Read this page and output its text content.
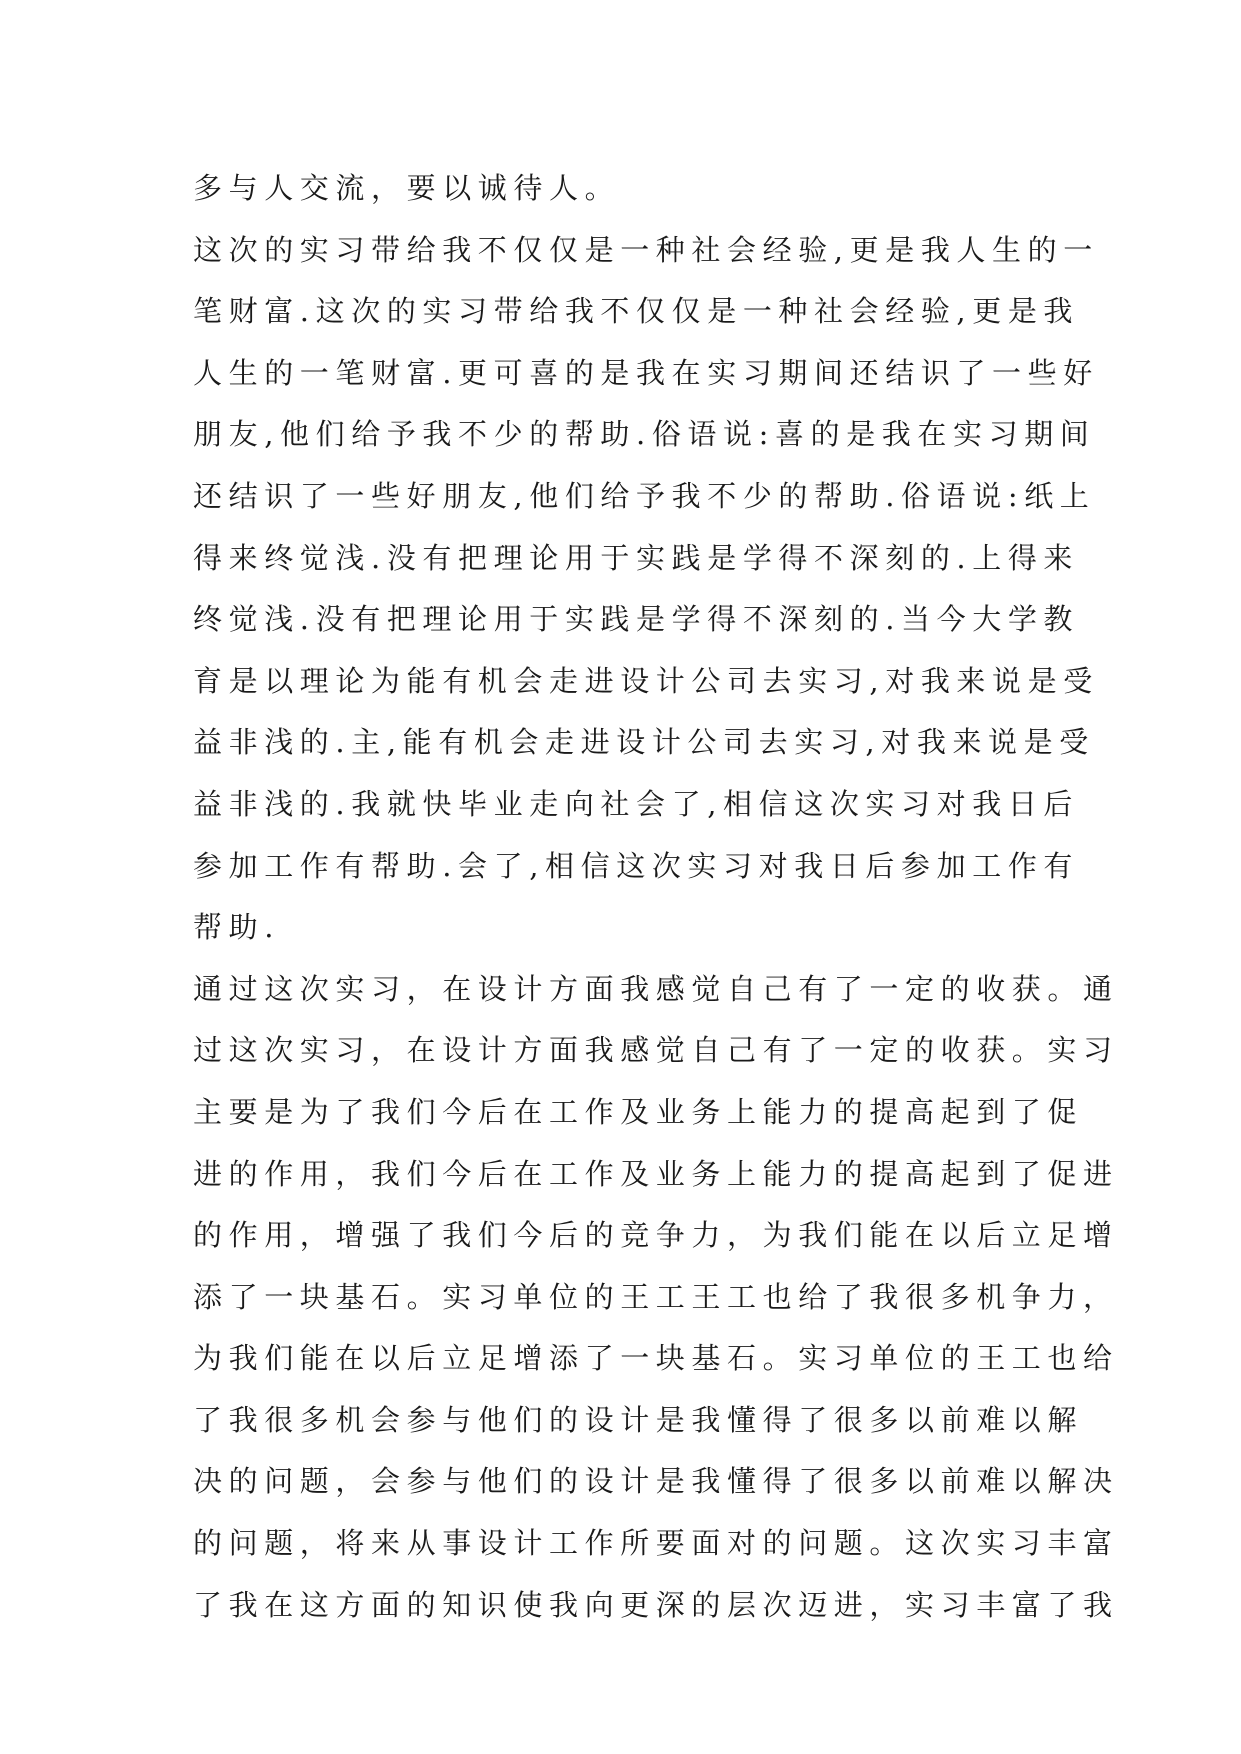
多与人交流，要以诚待人。
这次的实习带给我不仅仅是一种社会经验,更是我人生的一
笔财富.这次的实习带给我不仅仅是一种社会经验,更是我
人生的一笔财富.更可喜的是我在实习期间还结识了一些好
朋友,他们给予我不少的帮助.俗语说:喜的是我在实习期间
还结识了一些好朋友,他们给予我不少的帮助.俗语说:纸上
得来终觉浅.没有把理论用于实践是学得不深刻的.上得来
终觉浅.没有把理论用于实践是学得不深刻的.当今大学教
育是以理论为能有机会走进设计公司去实习,对我来说是受
益非浅的.主,能有机会走进设计公司去实习,对我来说是受
益非浅的.我就快毕业走向社会了,相信这次实习对我日后
参加工作有帮助.会了,相信这次实习对我日后参加工作有
帮助.
通过这次实习，在设计方面我感觉自己有了一定的收获。通
过这次实习，在设计方面我感觉自己有了一定的收获。实习
主要是为了我们今后在工作及业务上能力的提高起到了促
进的作用，我们今后在工作及业务上能力的提高起到了促进
的作用，增强了我们今后的竞争力，为我们能在以后立足增
添了一块基石。实习单位的王工王工也给了我很多机争力，
为我们能在以后立足增添了一块基石。实习单位的王工也给
了我很多机会参与他们的设计是我懂得了很多以前难以解
决的问题，会参与他们的设计是我懂得了很多以前难以解决
的问题，将来从事设计工作所要面对的问题。这次实习丰富
了我在这方面的知识使我向更深的层次迈进，实习丰富了我
